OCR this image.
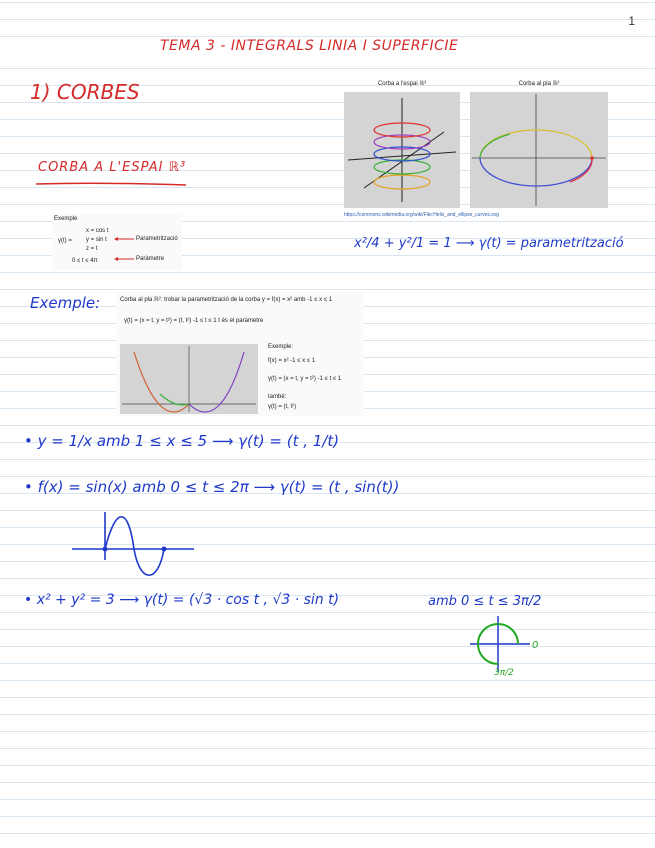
1
TEMA 3 - INTEGRALS LINIA I SUPERFICIE
1) CORBES	Corba a l'espai ℝ³	Corba al pla ℝ²
https://commons.wikimedia.org/wiki/File:Helix_and_ellipse_curves.svg
CORBA A L'ESPAI ℝ³
Exemple
γ(t) =
x = cos t
y = sin t
z = t
0 ≤ t ≤ 4π
Parametrització
Paràmetre
x²/4 + y²/1 = 1 ⟶ γ(t) = parametrització
Exemple:	Corba al pla ℝ²: trobar la parametrització de la corba y = f(x) = x² amb -1 ≤ x ≤ 1
γ(t) = (x = t, y = t²) = (t, t²) -1 ≤ t ≤ 1 t és el paràmetre
Exemple:
f(x) = x² -1 ≤ x ≤ 1
γ(t) = (x = t, y = t²) -1 ≤ t ≤ 1
també:
γ(t) = (t, t²)
• y = 1/x amb 1 ≤ x ≤ 5 ⟶ γ(t) = (t , 1/t)
• f(x) = sin(x) amb 0 ≤ t ≤ 2π ⟶ γ(t) = (t , sin(t))
• x² + y² = 3 ⟶ γ(t) = (√3 · cos t , √3 · sin t)	amb 0 ≤ t ≤ 3π/2
0
3π/2
